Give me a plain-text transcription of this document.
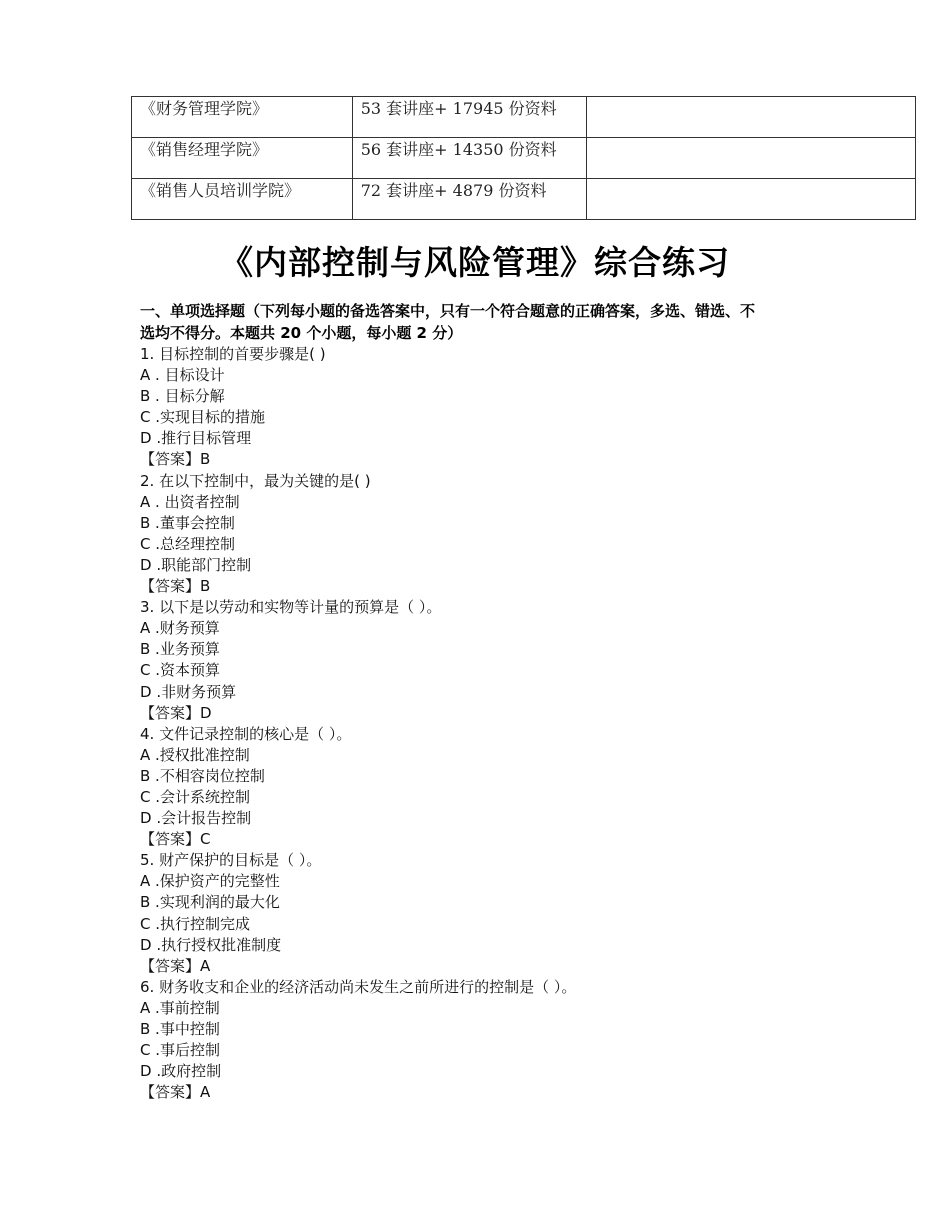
《财务管理学院》	53 套讲座+ 17945 份资料	
《销售经理学院》	56 套讲座+ 14350 份资料	
《销售人员培训学院》	72 套讲座+ 4879 份资料	
《内部控制与风险管理》综合练习

一、单项选择题（下列每小题的备选答案中，只有一个符合题意的正确答案，多选、错选、不

选均不得分。本题共 20 个小题，每小题 2 分）

1. 目标控制的首要步骤是( )

A . 目标设计

B . 目标分解

C .实现目标的措施

D .推行目标管理

【答案】B

2. 在以下控制中，最为关键的是( )

A . 出资者控制

B .董事会控制

C .总经理控制

D .职能部门控制

【答案】B

3. 以下是以劳动和实物等计量的预算是（ ）。

A .财务预算

B .业务预算

C .资本预算

D .非财务预算

【答案】D

4. 文件记录控制的核心是（ ）。

A .授权批准控制

B .不相容岗位控制

C .会计系统控制

D .会计报告控制

【答案】C

5. 财产保护的目标是（ ）。

A .保护资产的完整性

B .实现利润的最大化

C .执行控制完成

D .执行授权批准制度

【答案】A

6. 财务收支和企业的经济活动尚未发生之前所进行的控制是（ ）。

A .事前控制

B .事中控制

C .事后控制

D .政府控制

【答案】A
